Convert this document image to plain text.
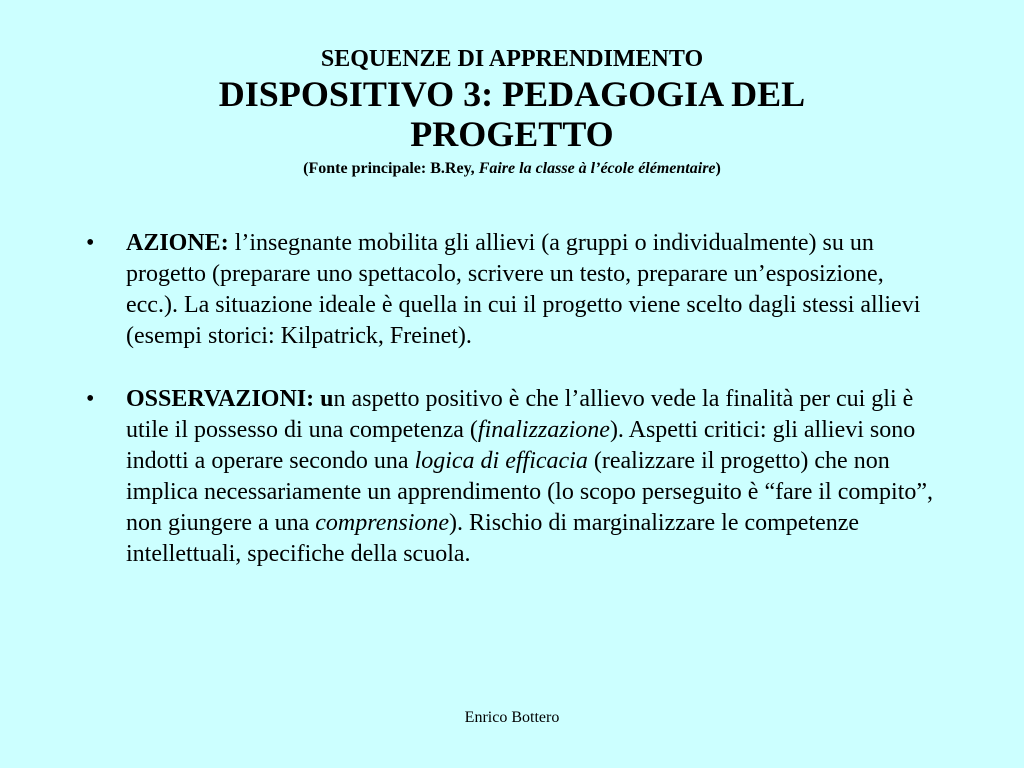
SEQUENZE DI APPRENDIMENTO
DISPOSITIVO 3: PEDAGOGIA DEL PROGETTO
(Fonte principale: B.Rey, Faire la classe à l’école élémentaire)
• AZIONE: l’insegnante mobilita gli allievi (a gruppi o individualmente) su un progetto (preparare uno spettacolo, scrivere un testo, preparare un’esposizione, ecc.). La situazione ideale è quella in cui il progetto viene scelto dagli stessi allievi (esempi storici: Kilpatrick, Freinet).
• OSSERVAZIONI: un aspetto positivo è che l’allievo vede la finalità per cui gli è utile il possesso di una competenza (finalizzazione). Aspetti critici: gli allievi sono indotti a operare secondo una logica di efficacia (realizzare il progetto) che non implica necessariamente un apprendimento (lo scopo perseguito è “fare il compito”, non giungere a una comprensione). Rischio di marginalizzare le competenze intellettuali, specifiche della scuola.
Enrico Bottero
